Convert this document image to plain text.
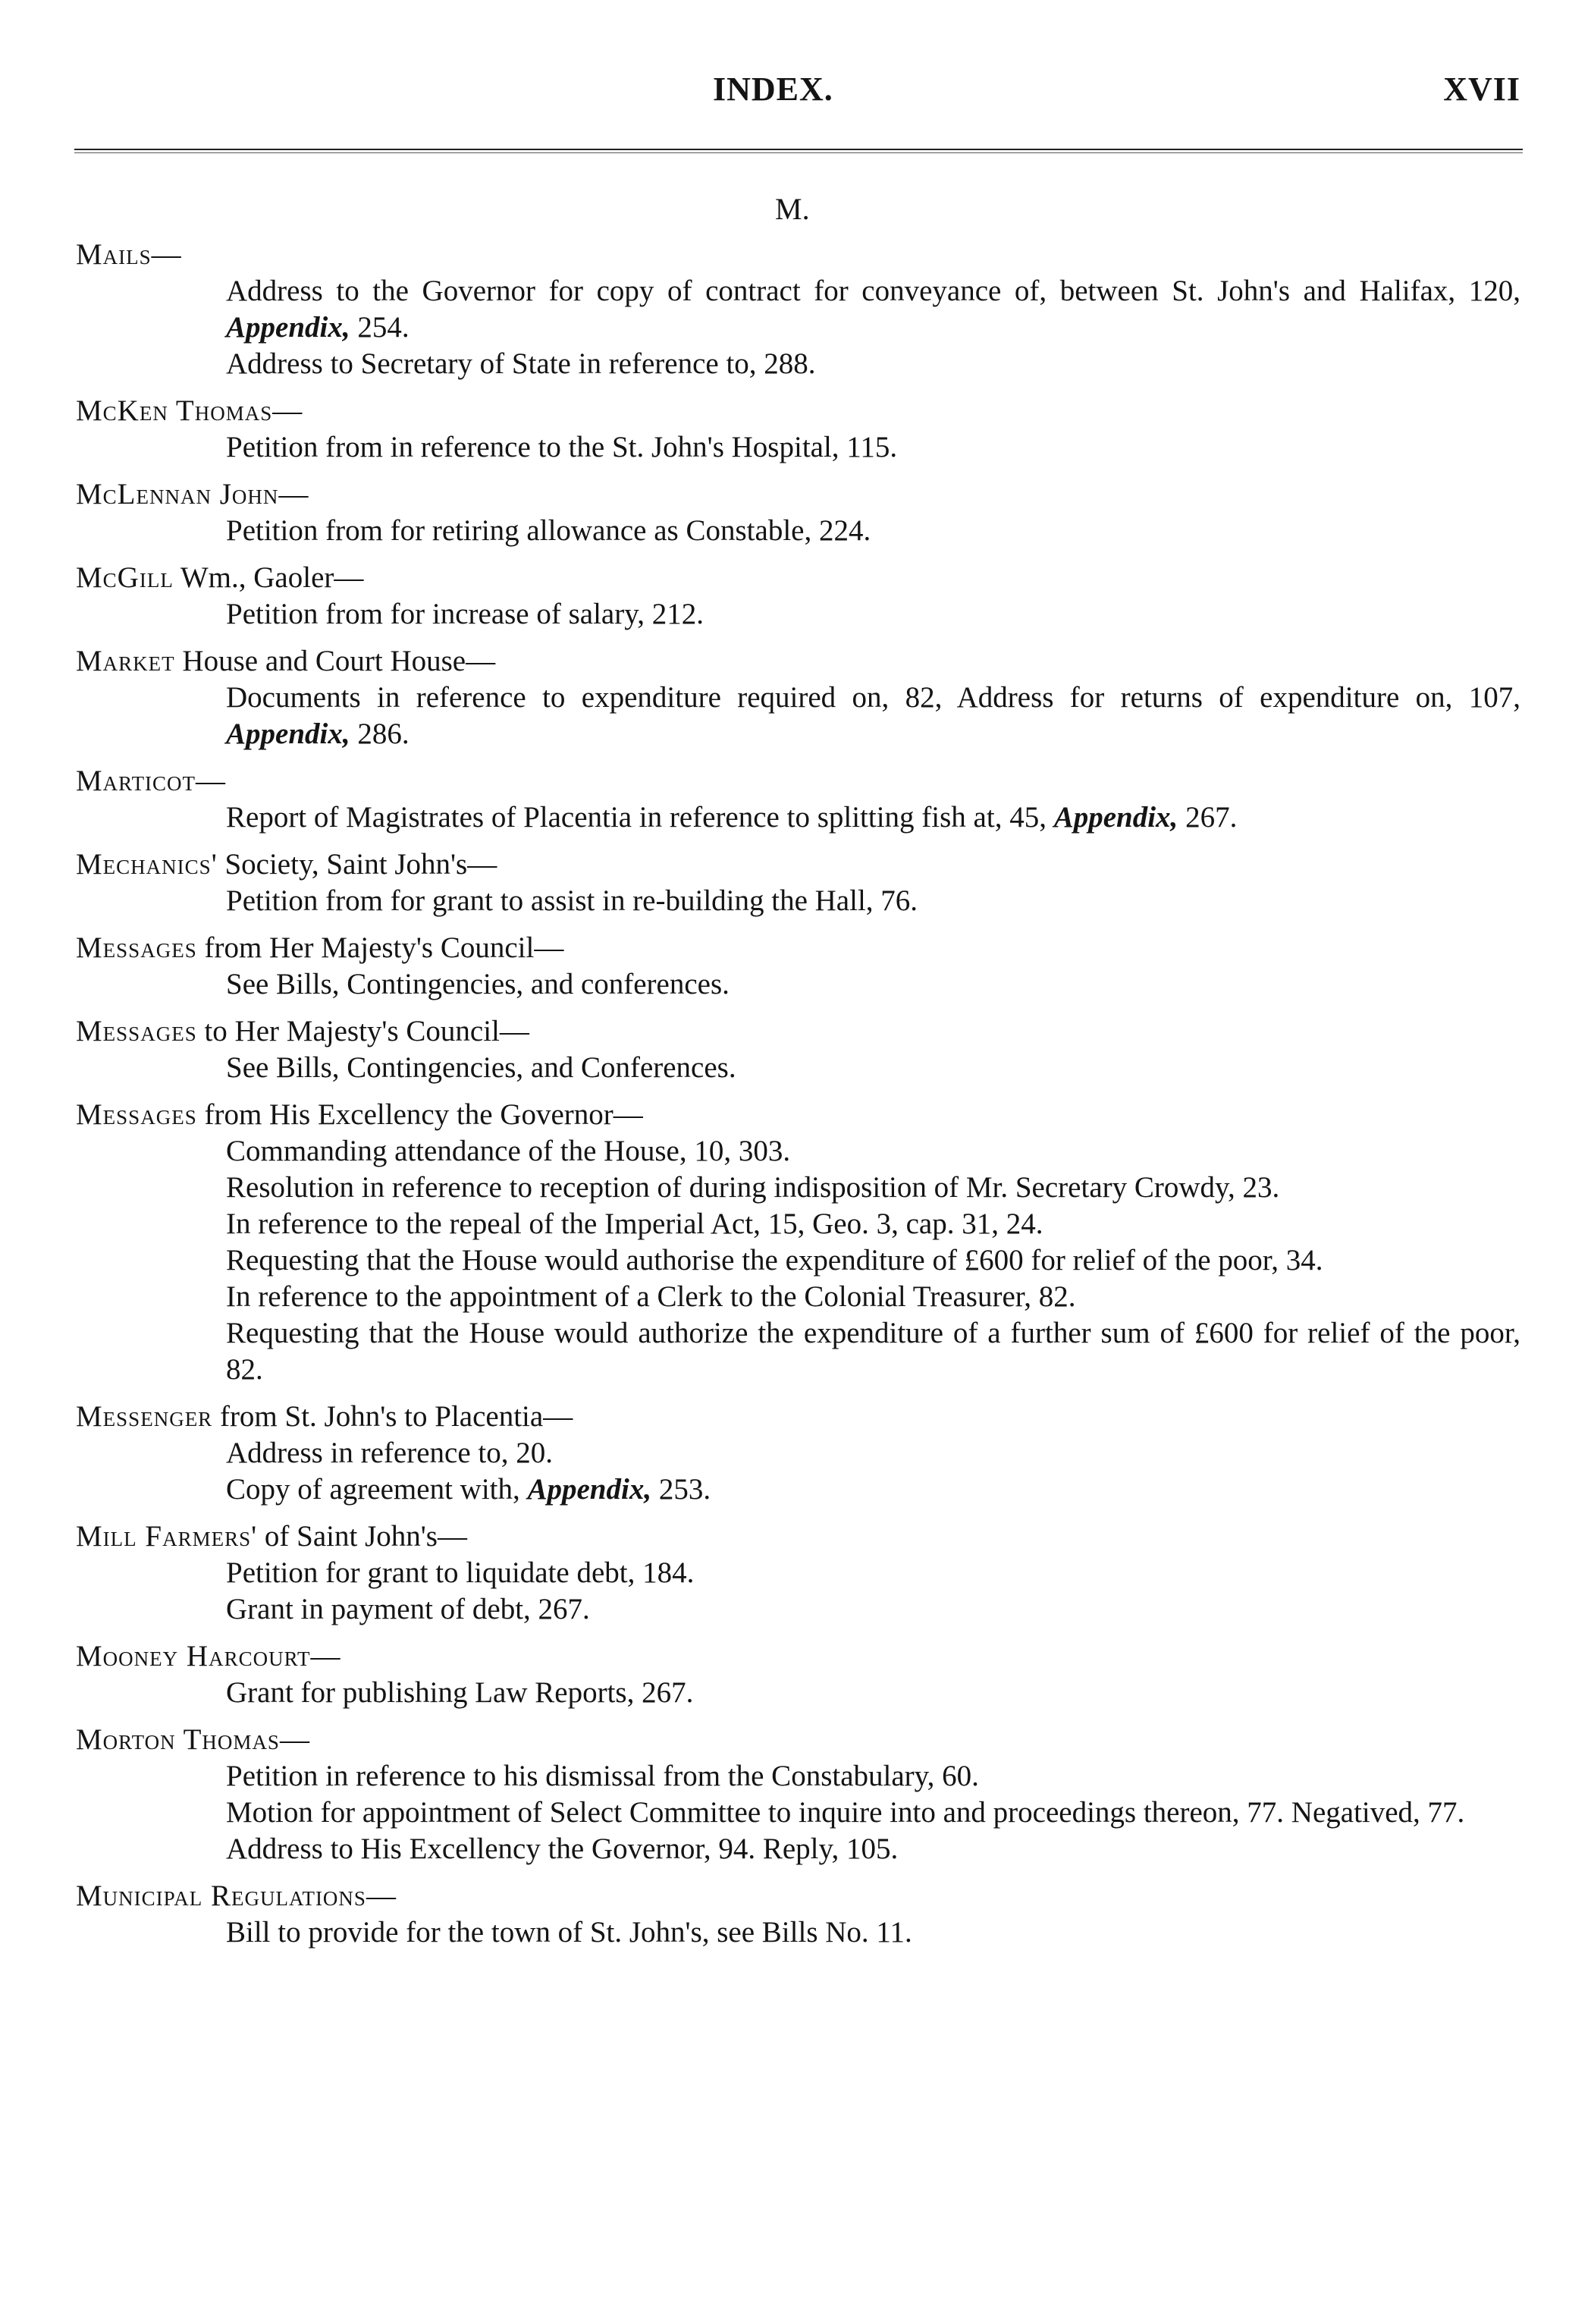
INDEX.	XVII
M.
Mails—
Address to the Governor for copy of contract for conveyance of, between St. John's and Halifax, 120, Appendix, 254.
Address to Secretary of State in reference to, 288.
McKen Thomas—
Petition from in reference to the St. John's Hospital, 115.
McLennan John—
Petition from for retiring allowance as Constable, 224.
McGill Wm., Gaoler—
Petition from for increase of salary, 212.
Market House and Court House—
Documents in reference to expenditure required on, 82, Address for returns of expenditure on, 107, Appendix, 286.
Marticot—
Report of Magistrates of Placentia in reference to splitting fish at, 45, Appendix, 267.
Mechanics' Society, Saint John's—
Petition from for grant to assist in re-building the Hall, 76.
Messages from Her Majesty's Council—
See Bills, Contingencies, and conferences.
Messages to Her Majesty's Council—
See Bills, Contingencies, and Conferences.
Messages from His Excellency the Governor—
Commanding attendance of the House, 10, 303.
Resolution in reference to reception of during indisposition of Mr. Secretary Crowdy, 23.
In reference to the repeal of the Imperial Act, 15, Geo. 3, cap. 31, 24.
Requesting that the House would authorise the expenditure of £600 for relief of the poor, 34.
In reference to the appointment of a Clerk to the Colonial Treasurer, 82.
Requesting that the House would authorize the expenditure of a further sum of £600 for relief of the poor, 82.
Messenger from St. John's to Placentia—
Address in reference to, 20.
Copy of agreement with, Appendix, 253.
Mill Farmers' of Saint John's—
Petition for grant to liquidate debt, 184.
Grant in payment of debt, 267.
Mooney Harcourt—
Grant for publishing Law Reports, 267.
Morton Thomas—
Petition in reference to his dismissal from the Constabulary, 60.
Motion for appointment of Select Committee to inquire into and proceedings thereon, 77. Negatived, 77.
Address to His Excellency the Governor, 94. Reply, 105.
Municipal Regulations—
Bill to provide for the town of St. John's, see Bills No. 11.
